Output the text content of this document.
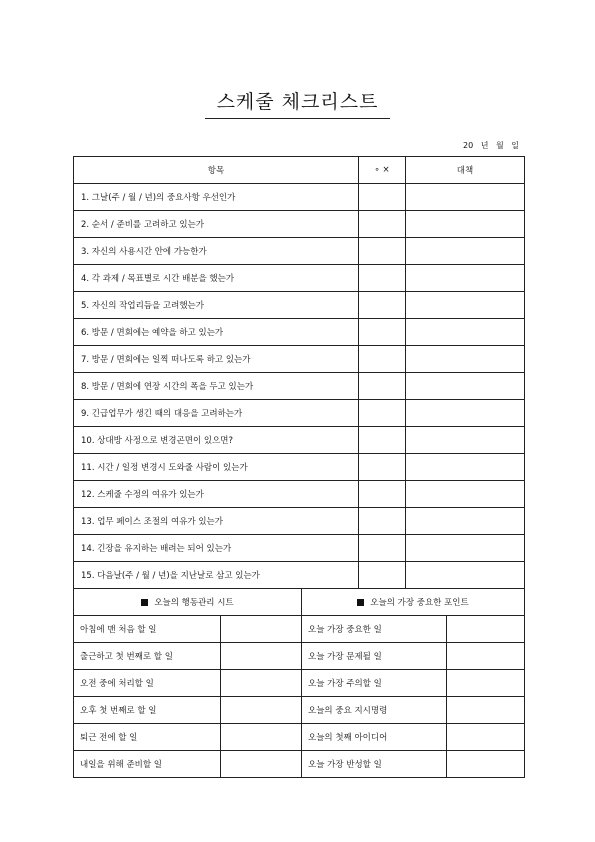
스케줄 체크리스트
20 년 월 일
항목	∘ ×	대책
1. 그날(주 / 월 / 년)의 중요사항 우선인가		
2. 순서 / 준비를 고려하고 있는가		
3. 자신의 사용시간 안에 가능한가		
4. 각 과제 / 목표별로 시간 배분을 했는가		
5. 자신의 작업리듬을 고려했는가		
6. 방문 / 면회에는 예약을 하고 있는가		
7. 방문 / 면회에는 일찍 떠나도록 하고 있는가		
8. 방문 / 면회에 연장 시간의 폭을 두고 있는가		
9. 긴급업무가 생긴 때의 대응을 고려하는가		
10. 상대방 사정으로 변경곤면이 있으면?		
11. 시간 / 일정 변경시 도와줄 사람이 있는가		
12. 스케줄 수정의 여유가 있는가		
13. 업무 페이스 조절의 여유가 있는가		
14. 긴장을 유지하는 배려는 되어 있는가		
15. 다음날(주 / 월 / 년)을 지난날로 삼고 있는가		
오늘의 행동관리 시트		오늘의 가장 중요한 포인트	
아침에 맨 처음 할 일		오늘 가장 중요한 일	
출근하고 첫 번째로 할 일		오늘 가장 문제될 일	
오전 중에 처리할 일		오늘 가장 주의할 일	
오후 첫 번째로 할 일		오늘의 중요 지시명령	
퇴근 전에 할 일		오늘의 첫째 아이디어	
내일을 위해 준비할 일		오늘 가장 반성할 일	
